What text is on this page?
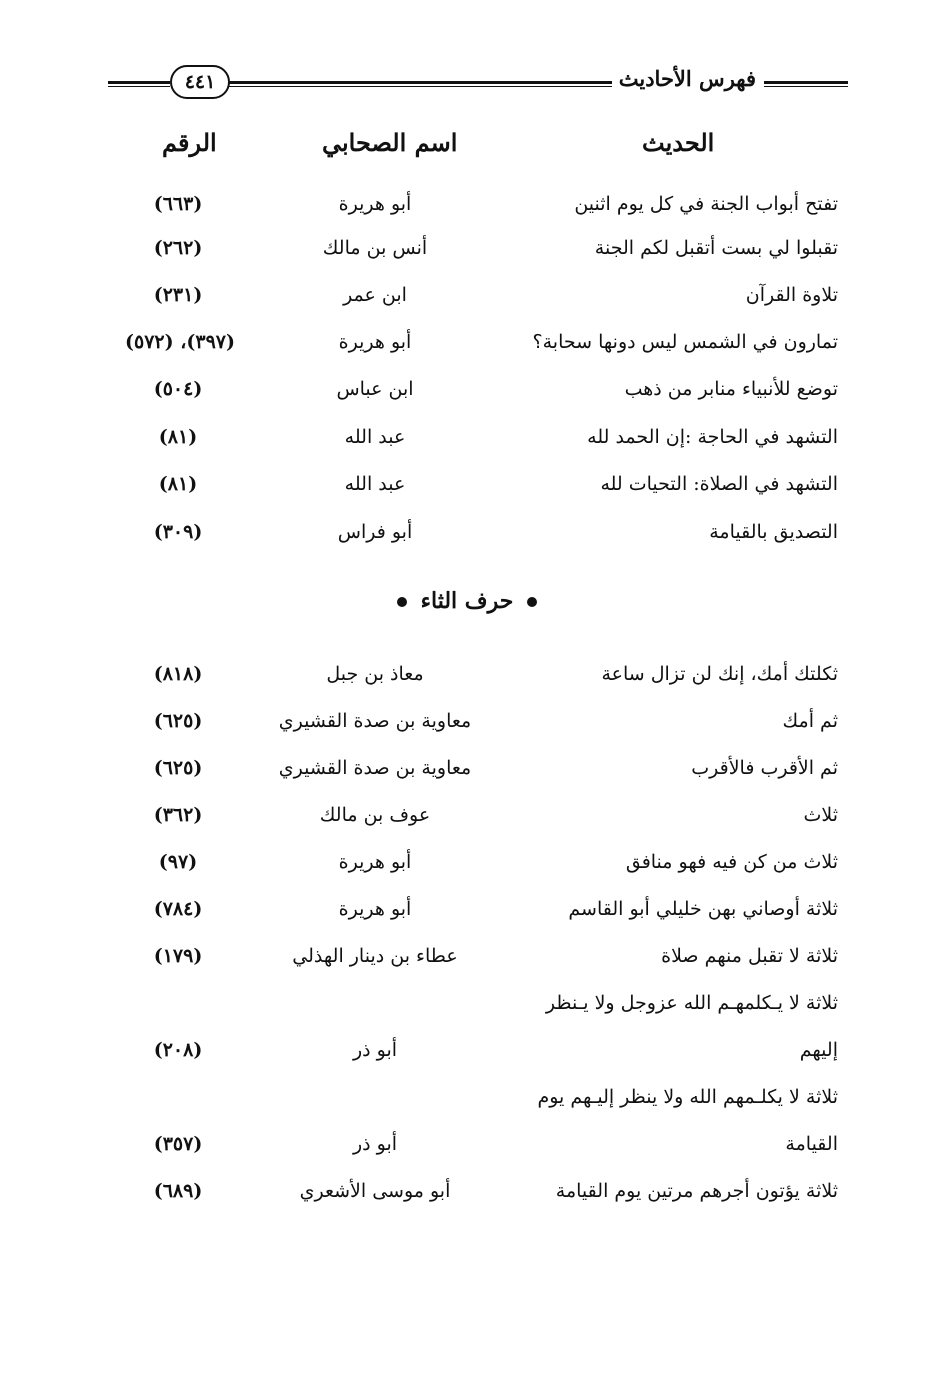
فهرس الأحاديث
٤٤١
الحديث
اسم الصحابي
الرقم
تفتح أبواب الجنة في كل يوم اثنين
أبو هريرة
(٦٦٣)
تقبلوا لي بست أتقبل لكم الجنة
أنس بن مالك
(٢٦٢)
تلاوة القرآن
ابن عمر
(٢٣١)
تمارون في الشمس ليس دونها سحابة؟
أبو هريرة
(٣٩٧)، (٥٧٢)
توضع للأنبياء منابر من ذهب
ابن عباس
(٥٠٤)
التشهد في الحاجة :إن الحمد لله
عبد الله
(٨١)
التشهد في الصلاة: التحيات لله
عبد الله
(٨١)
التصديق بالقيامة
أبو فراس
(٣٠٩)
حرف الثاء
ثكلتك أمك، إنك لن تزال ساعة
معاذ بن جبل
(٨١٨)
ثم أمك
معاوية بن صدة القشيري
(٦٢٥)
ثم الأقرب فالأقرب
معاوية بن صدة القشيري
(٦٢٥)
ثلاث
عوف بن مالك
(٣٦٢)
ثلاث من كن فيه فهو منافق
أبو هريرة
(٩٧)
ثلاثة أوصاني بهن خليلي أبو القاسم
أبو هريرة
(٧٨٤)
ثلاثة لا تقبل منهم صلاة
عطاء بن دينار الهذلي
(١٧٩)
ثلاثة لا يـكلمهـم الله عزوجل ولا يـنظر
إليهم
أبو ذر
(٢٠٨)
ثلاثة لا يكلـمهم الله ولا ينظر إليـهم يوم
القيامة
أبو ذر
(٣٥٧)
ثلاثة يؤتون أجرهم مرتين يوم القيامة
أبو موسى الأشعري
(٦٨٩)
